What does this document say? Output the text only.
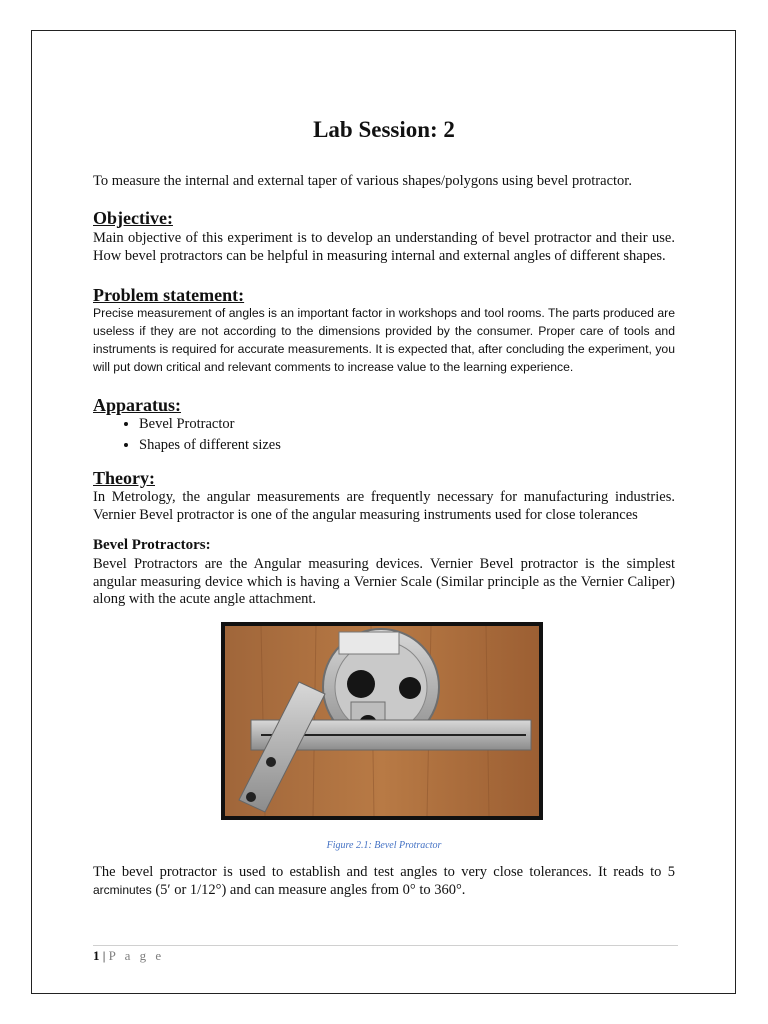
Lab Session: 2
To measure the internal and external taper of various shapes/polygons using bevel protractor.
Objective:
Main objective of this experiment is to develop an understanding of bevel protractor and their use. How bevel protractors can be helpful in measuring internal and external angles of different shapes.
Problem statement:
Precise measurement of angles is an important factor in workshops and tool rooms. The parts produced are useless if they are not according to the dimensions provided by the consumer. Proper care of tools and instruments is required for accurate measurements. It is expected that, after concluding the experiment, you will put down critical and relevant comments to increase value to the learning experience.
Apparatus:
• Bevel Protractor
• Shapes of different sizes
Theory:
In Metrology, the angular measurements are frequently necessary for manufacturing industries. Vernier Bevel protractor is one of the angular measuring instruments used for close tolerances
Bevel Protractors:
Bevel Protractors are the Angular measuring devices. Vernier Bevel protractor is the simplest angular measuring device which is having a Vernier Scale (Similar principle as the Vernier Caliper) along with the acute angle attachment.
Figure 2.1: Bevel Protractor
The bevel protractor is used to establish and test angles to very close tolerances. It reads to 5 arcminutes (5′ or 1/12°) and can measure angles from 0° to 360°.
1 | P a g e
